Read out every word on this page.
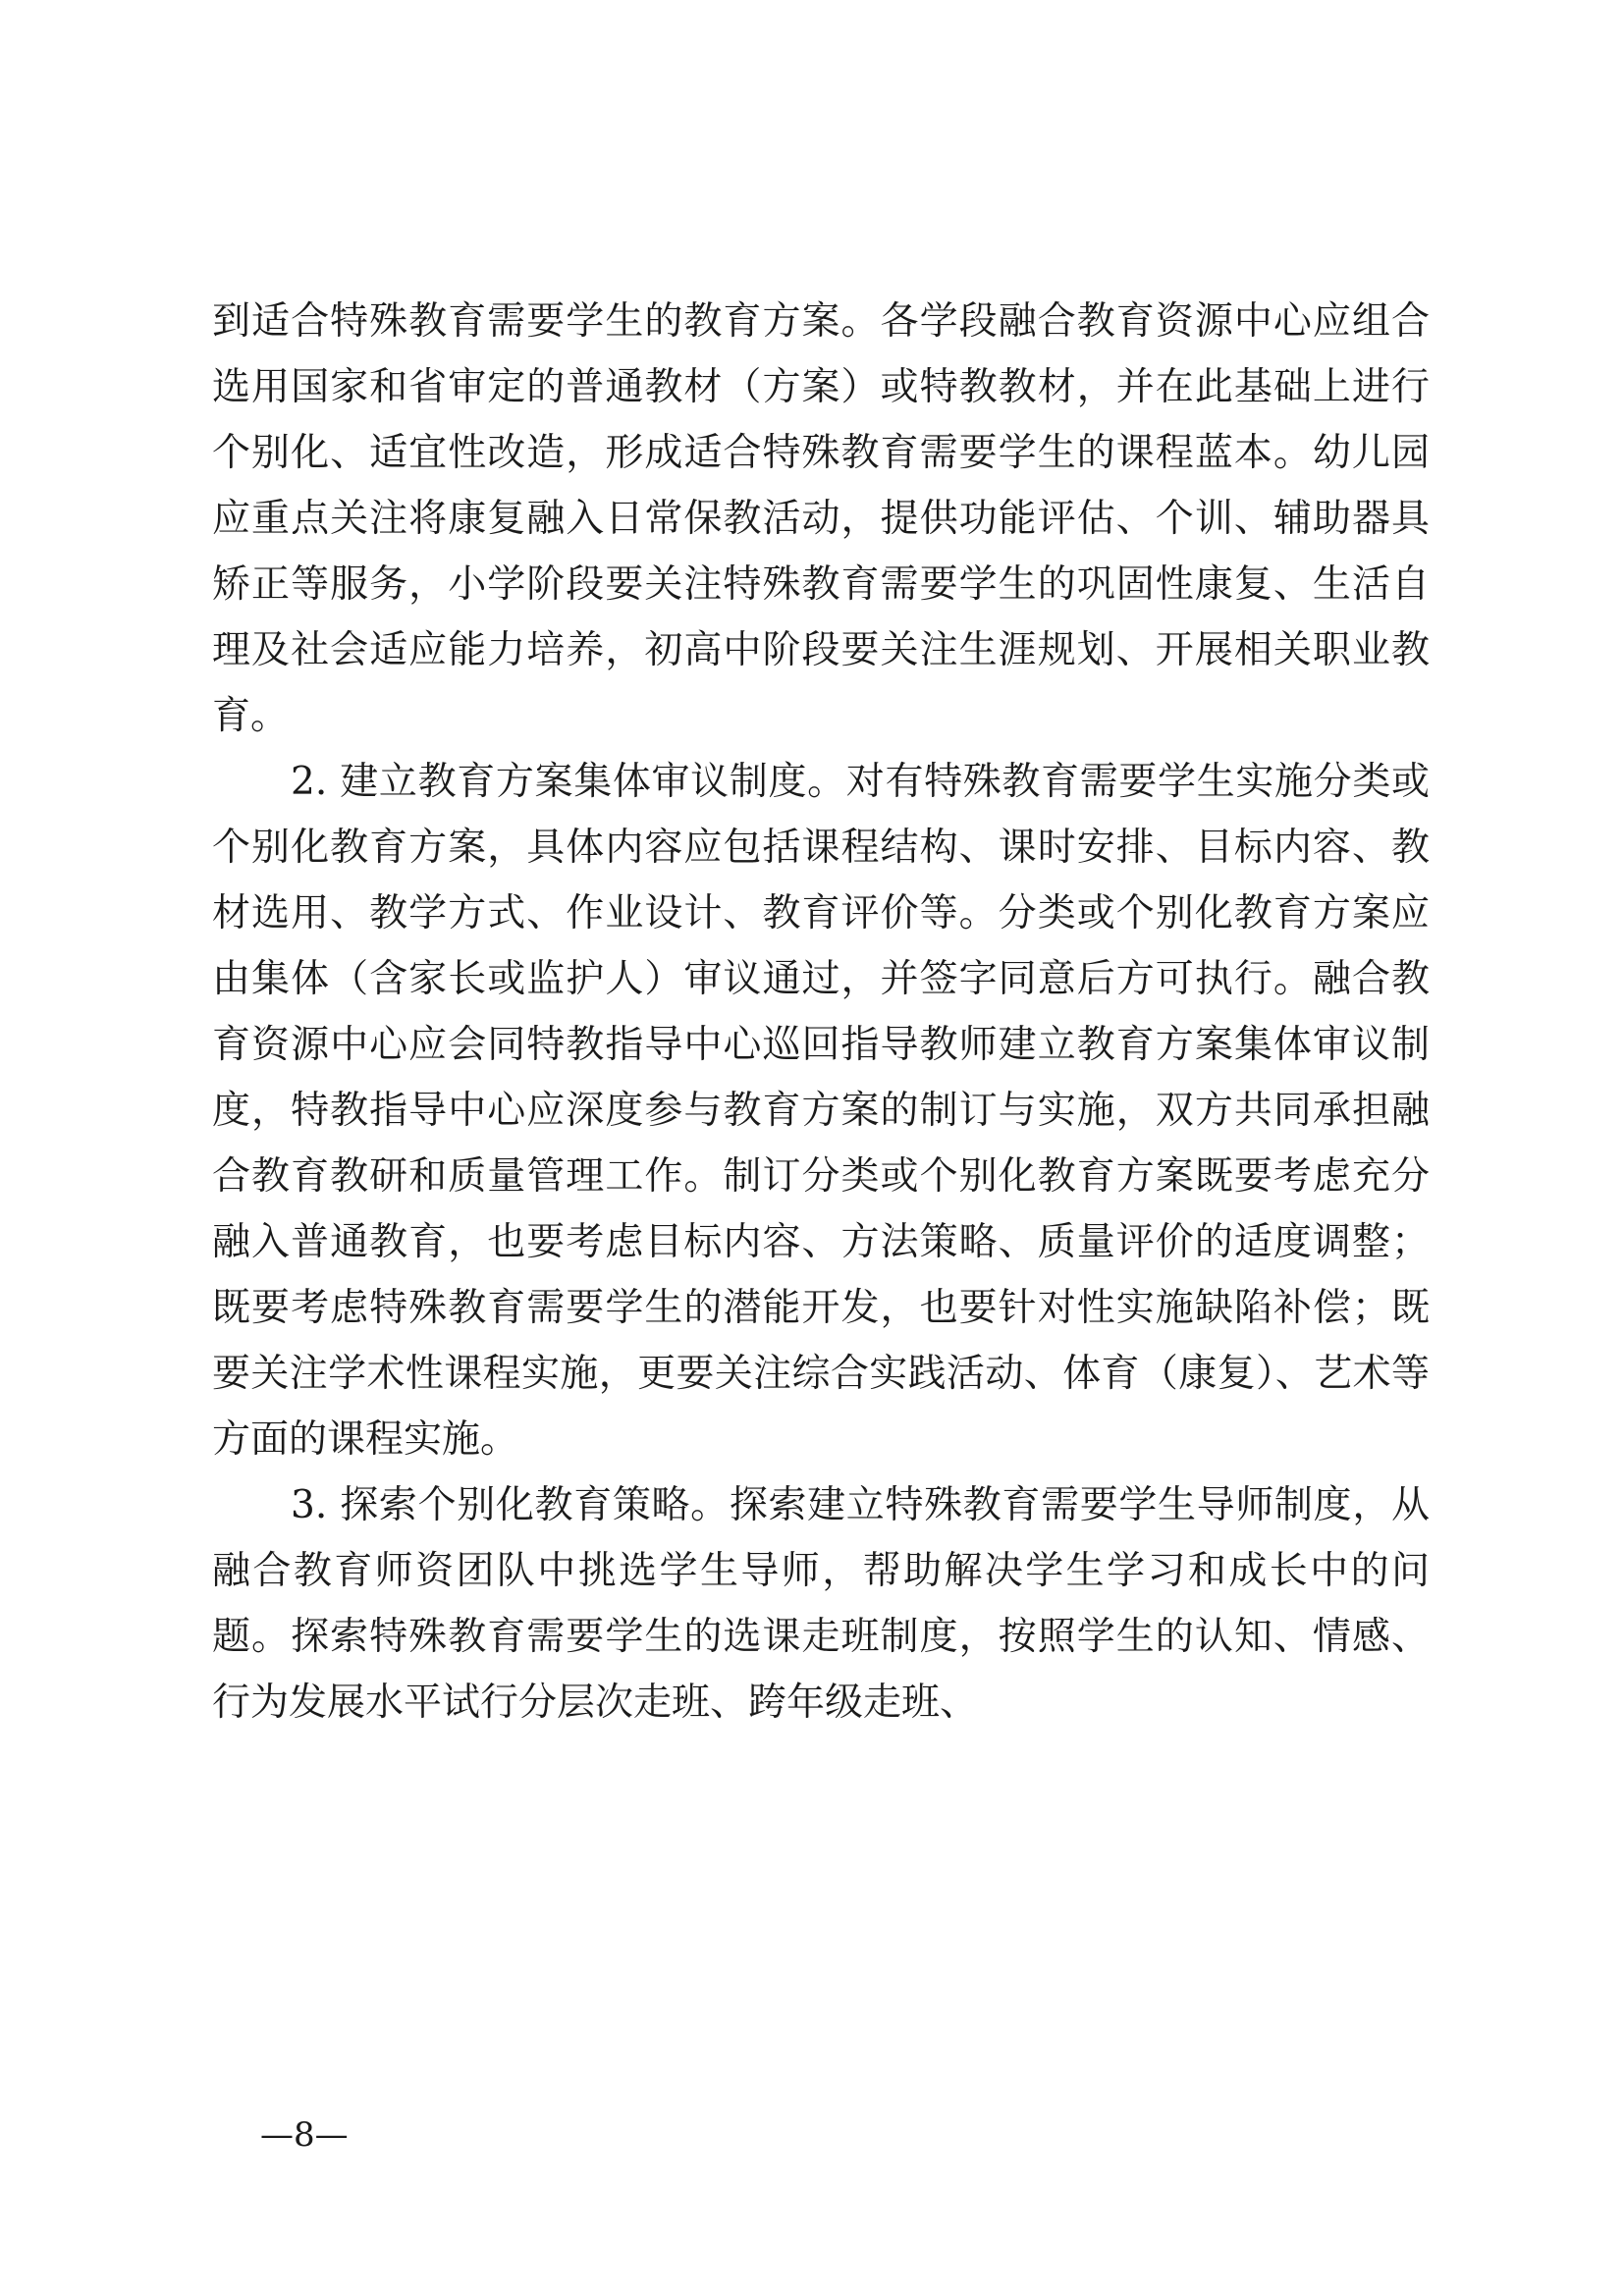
到适合特殊教育需要学生的教育方案。各学段融合教育资源中心应组合选用国家和省审定的普通教材（方案）或特教教材，并在此基础上进行个别化、适宜性改造，形成适合特殊教育需要学生的课程蓝本。幼儿园应重点关注将康复融入日常保教活动，提供功能评估、个训、辅助器具矫正等服务，小学阶段要关注特殊教育需要学生的巩固性康复、生活自理及社会适应能力培养，初高中阶段要关注生涯规划、开展相关职业教育。

2. 建立教育方案集体审议制度。对有特殊教育需要学生实施分类或个别化教育方案，具体内容应包括课程结构、课时安排、目标内容、教材选用、教学方式、作业设计、教育评价等。分类或个别化教育方案应由集体（含家长或监护人）审议通过，并签字同意后方可执行。融合教育资源中心应会同特教指导中心巡回指导教师建立教育方案集体审议制度，特教指导中心应深度参与教育方案的制订与实施，双方共同承担融合教育教研和质量管理工作。制订分类或个别化教育方案既要考虑充分融入普通教育，也要考虑目标内容、方法策略、质量评价的适度调整；既要考虑特殊教育需要学生的潜能开发，也要针对性实施缺陷补偿；既要关注学术性课程实施，更要关注综合实践活动、体育（康复）、艺术等方面的课程实施。

3. 探索个别化教育策略。探索建立特殊教育需要学生导师制度，从融合教育师资团队中挑选学生导师，帮助解决学生学习和成长中的问题。探索特殊教育需要学生的选课走班制度，按照学生的认知、情感、行为发展水平试行分层次走班、跨年级走班、

—8—
